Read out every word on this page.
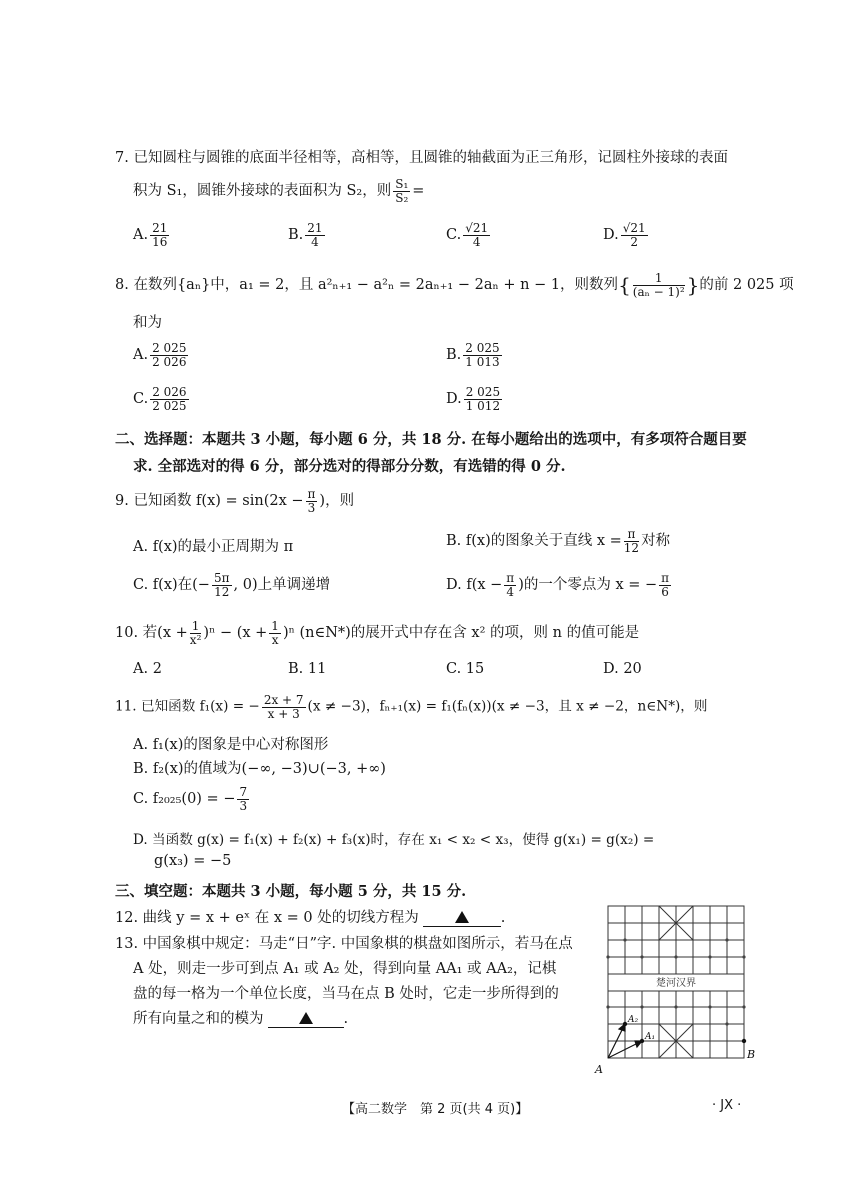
7. 已知圆柱与圆锥的底面半径相等，高相等，且圆锥的轴截面为正三角形，记圆柱外接球的表面
积为 S₁，圆锥外接球的表面积为 S₂，则 $\frac{\text{S₁}}{\text{S₂}}$ =
A. $\frac{21}{16}$	B. $\frac{21}{4}$	C. $\frac{√21}{4}$	D. $\frac{√21}{2}$
8. 在数列{aₙ}中，a₁ = 2，且 a²ₙ₊₁ − a²ₙ = 2aₙ₊₁ − 2aₙ + n − 1，则数列{ $\frac{1}{\text{(aₙ − 1)²}}$ }的前 2 025 项
和为
A. $\frac{2 025}{2 026}$	B. $\frac{2 025}{1 013}$
C. $\frac{2 026}{2 025}$	D. $\frac{2 025}{1 012}$
二、选择题：本题共 3 小题，每小题 6 分，共 18 分. 在每小题给出的选项中，有多项符合题目要
求. 全部选对的得 6 分，部分选对的得部分分数，有选错的得 0 分.
9. 已知函数 $f(x) = \sin(2x - \frac{\pi}{3}$ )，则
A. f(x)的最小正周期为 π	B. f(x)的图象关于直线 $x = \frac{\pi}{12}$ 对称
C. f(x)在(− $\frac{5\pi}{12}$ , 0)上单调递增	D. $f(x - \frac{\pi}{4}$ )的一个零点为 x = − $\frac{\pi}{6}$
10. 若$(x + \frac{1}{\text{x²}} )^n - (x + \frac{1}{x} )^n$ (n∈N*)的展开式中存在含 x² 的项，则 n 的值可能是
A. 2	B. 11	C. 15	D. 20
11. 已知函数 f₁(x) = − $\frac{2x + 7}{x + 3} (x \ne -3)$，fₙ₊₁(x) = f₁(fₙ(x))(x ≠ −3，且 x ≠ −2，n∈N*)，则
A. f₁(x)的图象是中心对称图形
B. f₂(x)的值域为(−∞, −3)∪(−3, +∞)
C. f₂₀₂₅(0) = − $\frac{7}{3}$
D. 当函数 g(x) = f₁(x) + f₂(x) + f₃(x)时，存在 x₁ < x₂ < x₃，使得 g(x₁) = g(x₂) =
g(x₃) = −5
三、填空题：本题共 3 小题，每小题 5 分，共 15 分.
12. 曲线 y = x + eˣ 在 x = 0 处的切线方程为	.
13. 中国象棋中规定：马走“日”字. 中国象棋的棋盘如图所示，若马在点
A 处，则走一步可到点 A₁ 或 A₂ 处，得到向量 AA₁ 或 AA₂，记棋
盘的每一格为一个单位长度，当马在点 B 处时，它走一步所得到的
所有向量之和的模为	.
楚河汉界
A
B
A₁
A₂
【高二数学　第 2 页(共 4 页)】	· JX ·
